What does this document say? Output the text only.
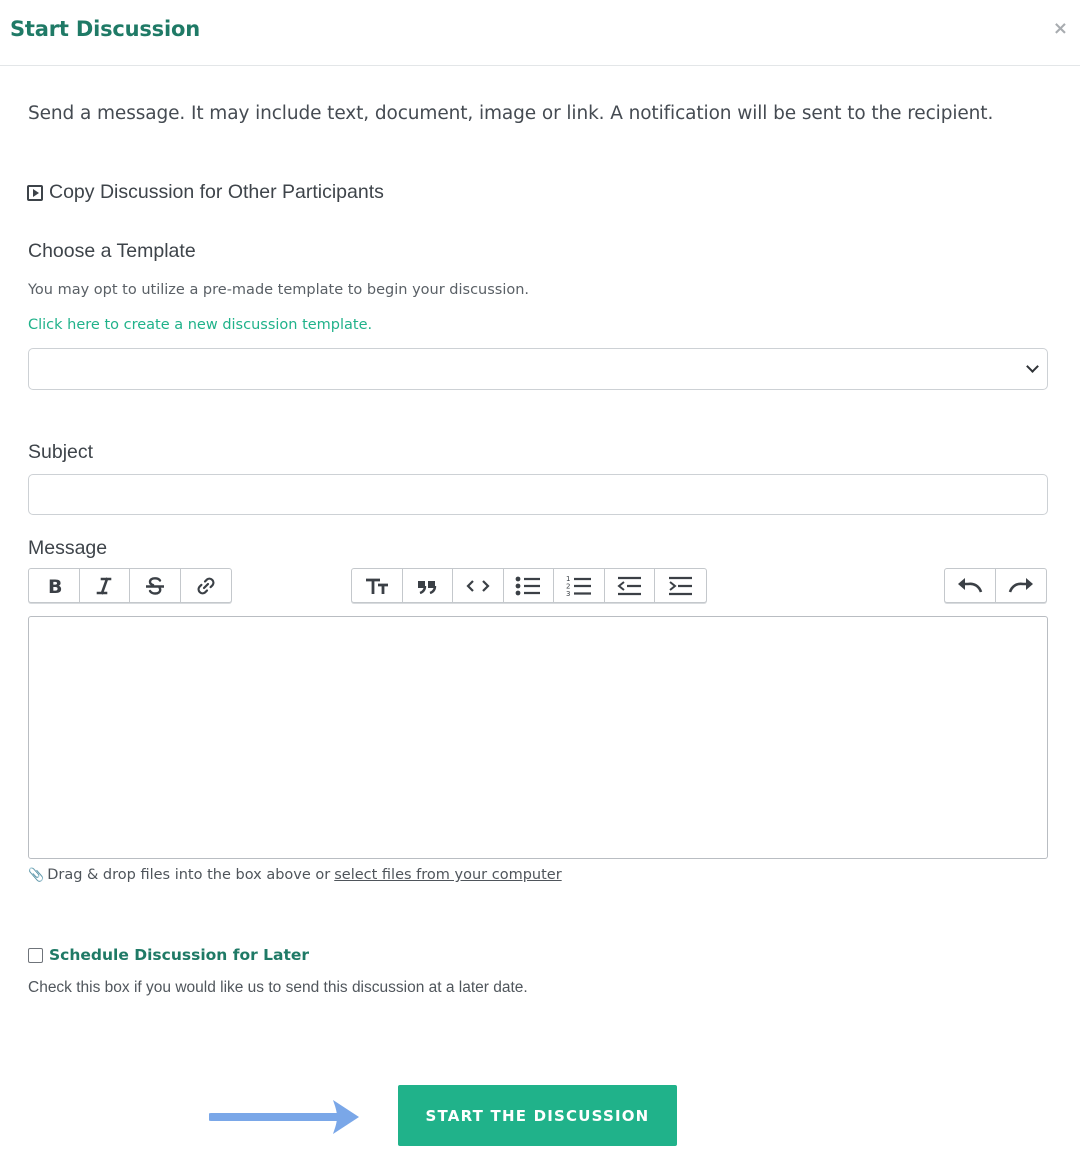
Start Discussion	×
Send a message. It may include text, document, image or link. A notification will be sent to the recipient.
Copy Discussion for Other Participants
Choose a Template
You may opt to utilize a pre-made template to begin your discussion.
Click here to create a new discussion template.
Subject
Message
B	1
2
3
📎 Drag & drop files into the box above or select files from your computer
Schedule Discussion for Later
Check this box if you would like us to send this discussion at a later date.
START THE DISCUSSION
